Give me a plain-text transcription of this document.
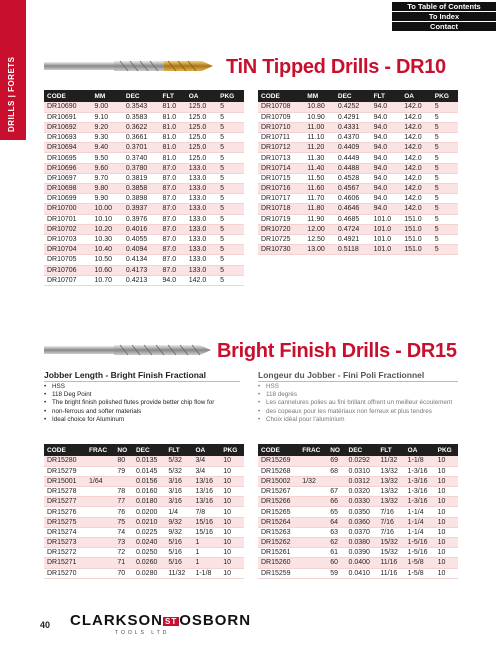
To Table of Contents
To Index
Contact
DRILLS | FORETS	TiN Tipped Drills - DR10
CODE	MM	DEC	FLT	OA	PKG
DR10690	9.00	0.3543	81.0	125.0	5
DR10691	9.10	0.3583	81.0	125.0	5
DR10692	9.20	0.3622	81.0	125.0	5
DR10693	9.30	0.3661	81.0	125.0	5
DR10694	9.40	0.3701	81.0	125.0	5
DR10695	9.50	0.3740	81.0	125.0	5
DR10696	9.60	0.3780	87.0	133.0	5
DR10697	9.70	0.3819	87.0	133.0	5
DR10698	9.80	0.3858	87.0	133.0	5
DR10699	9.90	0.3898	87.0	133.0	5
DR10700	10.00	0.3937	87.0	133.0	5
DR10701	10.10	0.3976	87.0	133.0	5
DR10702	10.20	0.4016	87.0	133.0	5
DR10703	10.30	0.4055	87.0	133.0	5
DR10704	10.40	0.4094	87.0	133.0	5
DR10705	10.50	0.4134	87.0	133.0	5
DR10706	10.60	0.4173	87.0	133.0	5
DR10707	10.70	0.4213	94.0	142.0	5
CODE	MM	DEC	FLT	OA	PKG
DR10708	10.80	0.4252	94.0	142.0	5
DR10709	10.90	0.4291	94.0	142.0	5
DR10710	11.00	0.4331	94.0	142.0	5
DR10711	11.10	0.4370	94.0	142.0	5
DR10712	11.20	0.4409	94.0	142.0	5
DR10713	11.30	0.4449	94.0	142.0	5
DR10714	11.40	0.4488	94.0	142.0	5
DR10715	11.50	0.4528	94.0	142.0	5
DR10716	11.60	0.4567	94.0	142.0	5
DR10717	11.70	0.4606	94.0	142.0	5
DR10718	11.80	0.4646	94.0	142.0	5
DR10719	11.90	0.4685	101.0	151.0	5
DR10720	12.00	0.4724	101.0	151.0	5
DR10725	12.50	0.4921	101.0	151.0	5
DR10730	13.00	0.5118	101.0	151.0	5
Bright Finish Drills - DR15
Jobber Length - Bright Finish Fractional
• HSS
• 118 Deg Point
• The bright finish polished flutes provide better chip flow for
• non-ferrous and softer materials
• Ideal choice for Aluminum
Longeur du Jobber - Fini Poli Fractionnel
• HSS
• 118 degrés
• Les cannelures polies au fini brillant offrent un meilleur écoulement
• des copeaux pour les matériaux non ferreux et plus tendres
• Choix idéal pour l'aluminium
CODE	FRAC	NO	DEC	FLT	OA	PKG
DR15280		80	0.0135	5/32	3/4	10
DR15279		79	0.0145	5/32	3/4	10
DR15001	1/64		0.0156	3/16	13/16	10
DR15278		78	0.0160	3/16	13/16	10
DR15277		77	0.0180	3/16	13/16	10
DR15276		76	0.0200	1/4	7/8	10
DR15275		75	0.0210	9/32	15/16	10
DR15274		74	0.0225	9/32	15/16	10
DR15273		73	0.0240	5/16	1	10
DR15272		72	0.0250	5/16	1	10
DR15271		71	0.0260	5/16	1	10
DR15270		70	0.0280	11/32	1-1/8	10
CODE	FRAC	NO	DEC	FLT	OA	PKG
DR15269		69	0.0292	11/32	1-1/8	10
DR15268		68	0.0310	13/32	1-3/16	10
DR15002	1/32		0.0312	13/32	1-3/16	10
DR15267		67	0.0320	13/32	1-3/16	10
DR15266		66	0.0330	13/32	1-3/16	10
DR15265		65	0.0350	7/16	1-1/4	10
DR15264		64	0.0360	7/16	1-1/4	10
DR15263		63	0.0370	7/16	1-1/4	10
DR15262		62	0.0380	15/32	1-5/16	10
DR15261		61	0.0390	15/32	1-5/16	10
DR15260		60	0.0400	11/16	1-5/8	10
DR15259		59	0.0410	11/16	1-5/8	10
40 CLARKSON ST OSBORN
TOOLS LTD
